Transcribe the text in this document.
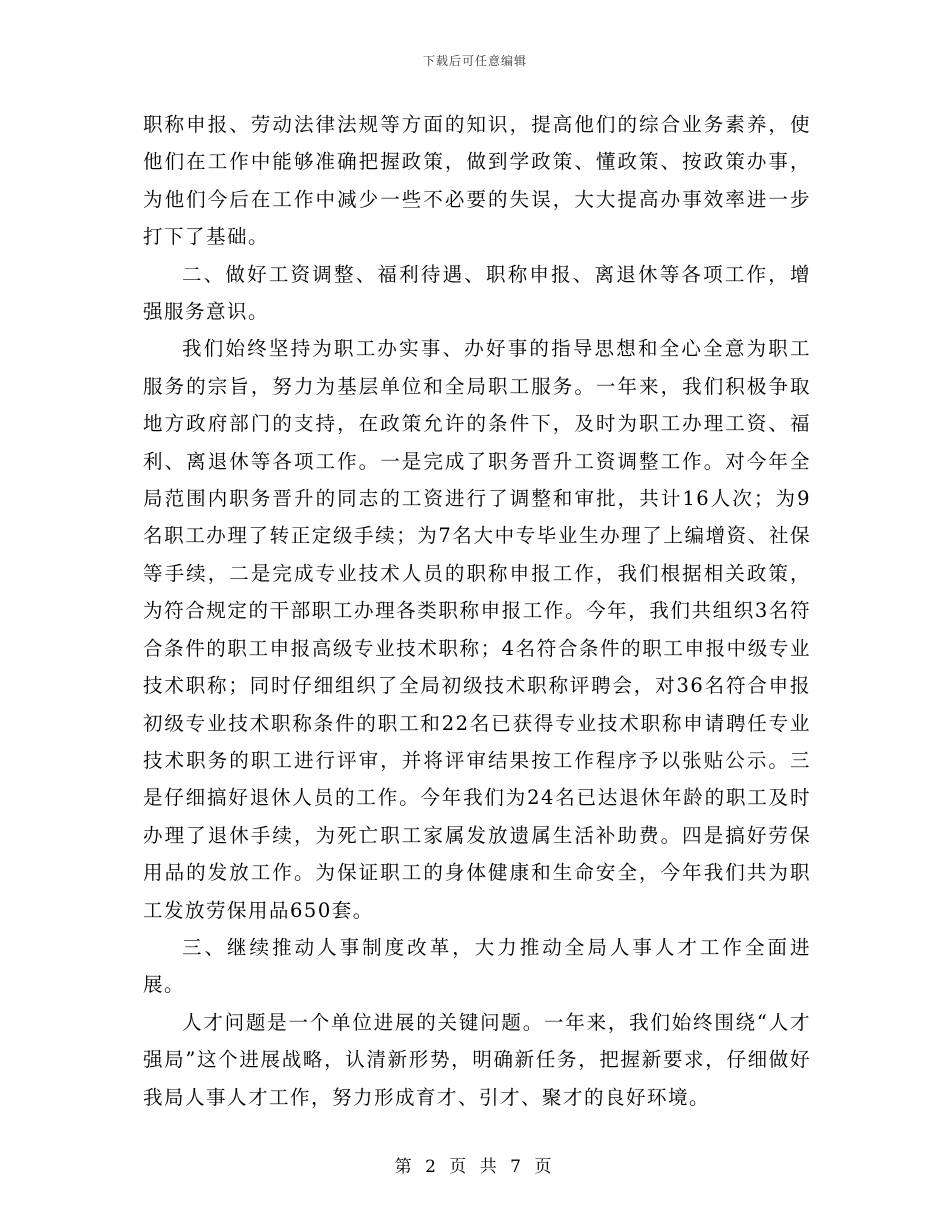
下载后可任意编辑

职称申报、劳动法律法规等方面的知识，提高他们的综合业务素养，使他们在工作中能够准确把握政策，做到学政策、懂政策、按政策办事，为他们今后在工作中减少一些不必要的失误，大大提高办事效率进一步打下了基础。

二、做好工资调整、福利待遇、职称申报、离退休等各项工作，增强服务意识。

我们始终坚持为职工办实事、办好事的指导思想和全心全意为职工服务的宗旨，努力为基层单位和全局职工服务。一年来，我们积极争取地方政府部门的支持，在政策允许的条件下，及时为职工办理工资、福利、离退休等各项工作。一是完成了职务晋升工资调整工作。对今年全局范围内职务晋升的同志的工资进行了调整和审批，共计16人次；为9名职工办理了转正定级手续；为7名大中专毕业生办理了上编增资、社保等手续，二是完成专业技术人员的职称申报工作，我们根据相关政策，为符合规定的干部职工办理各类职称申报工作。今年，我们共组织3名符合条件的职工申报高级专业技术职称；4名符合条件的职工申报中级专业技术职称；同时仔细组织了全局初级技术职称评聘会，对36名符合申报初级专业技术职称条件的职工和22名已获得专业技术职称申请聘任专业技术职务的职工进行评审，并将评审结果按工作程序予以张贴公示。三是仔细搞好退休人员的工作。今年我们为24名已达退休年龄的职工及时办理了退休手续，为死亡职工家属发放遗属生活补助费。四是搞好劳保用品的发放工作。为保证职工的身体健康和生命安全，今年我们共为职工发放劳保用品650套。

三、继续推动人事制度改革，大力推动全局人事人才工作全面进展。

人才问题是一个单位进展的关键问题。一年来，我们始终围绕“人才强局”这个进展战略，认清新形势，明确新任务，把握新要求，仔细做好我局人事人才工作，努力形成育才、引才、聚才的良好环境。

第 2 页 共 7 页
